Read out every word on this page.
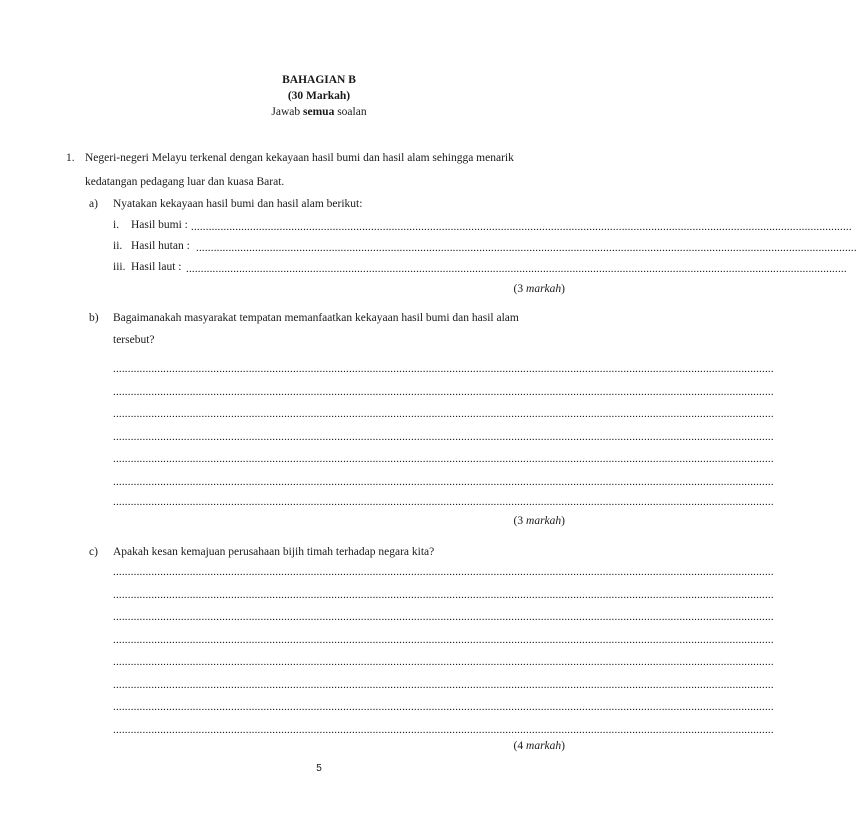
BAHAGIAN B
(30 Markah)
Jawab semua soalan
1. Negeri-negeri Melayu terkenal dengan kekayaan hasil bumi dan hasil alam sehingga menarik
kedatangan pedagang luar dan kuasa Barat.
a) Nyatakan kekayaan hasil bumi dan hasil alam berikut:
i. Hasil bumi : ................................................................................................................................................................................................................................
ii. Hasil hutan : ................................................................................................................................................................................................................................
iii. Hasil laut : ................................................................................................................................................................................................................................
(3 markah)
b) Bagaimanakah masyarakat tempatan memanfaatkan kekayaan hasil bumi dan hasil alam
tersebut?
................................................................................................................................................................................................................................
................................................................................................................................................................................................................................
................................................................................................................................................................................................................................
................................................................................................................................................................................................................................
................................................................................................................................................................................................................................
................................................................................................................................................................................................................................
................................................................................................................................................................................................................................
(3 markah)
c) Apakah kesan kemajuan perusahaan bijih timah terhadap negara kita?
................................................................................................................................................................................................................................
................................................................................................................................................................................................................................
................................................................................................................................................................................................................................
................................................................................................................................................................................................................................
................................................................................................................................................................................................................................
................................................................................................................................................................................................................................
................................................................................................................................................................................................................................
................................................................................................................................................................................................................................
(4 markah)
5
